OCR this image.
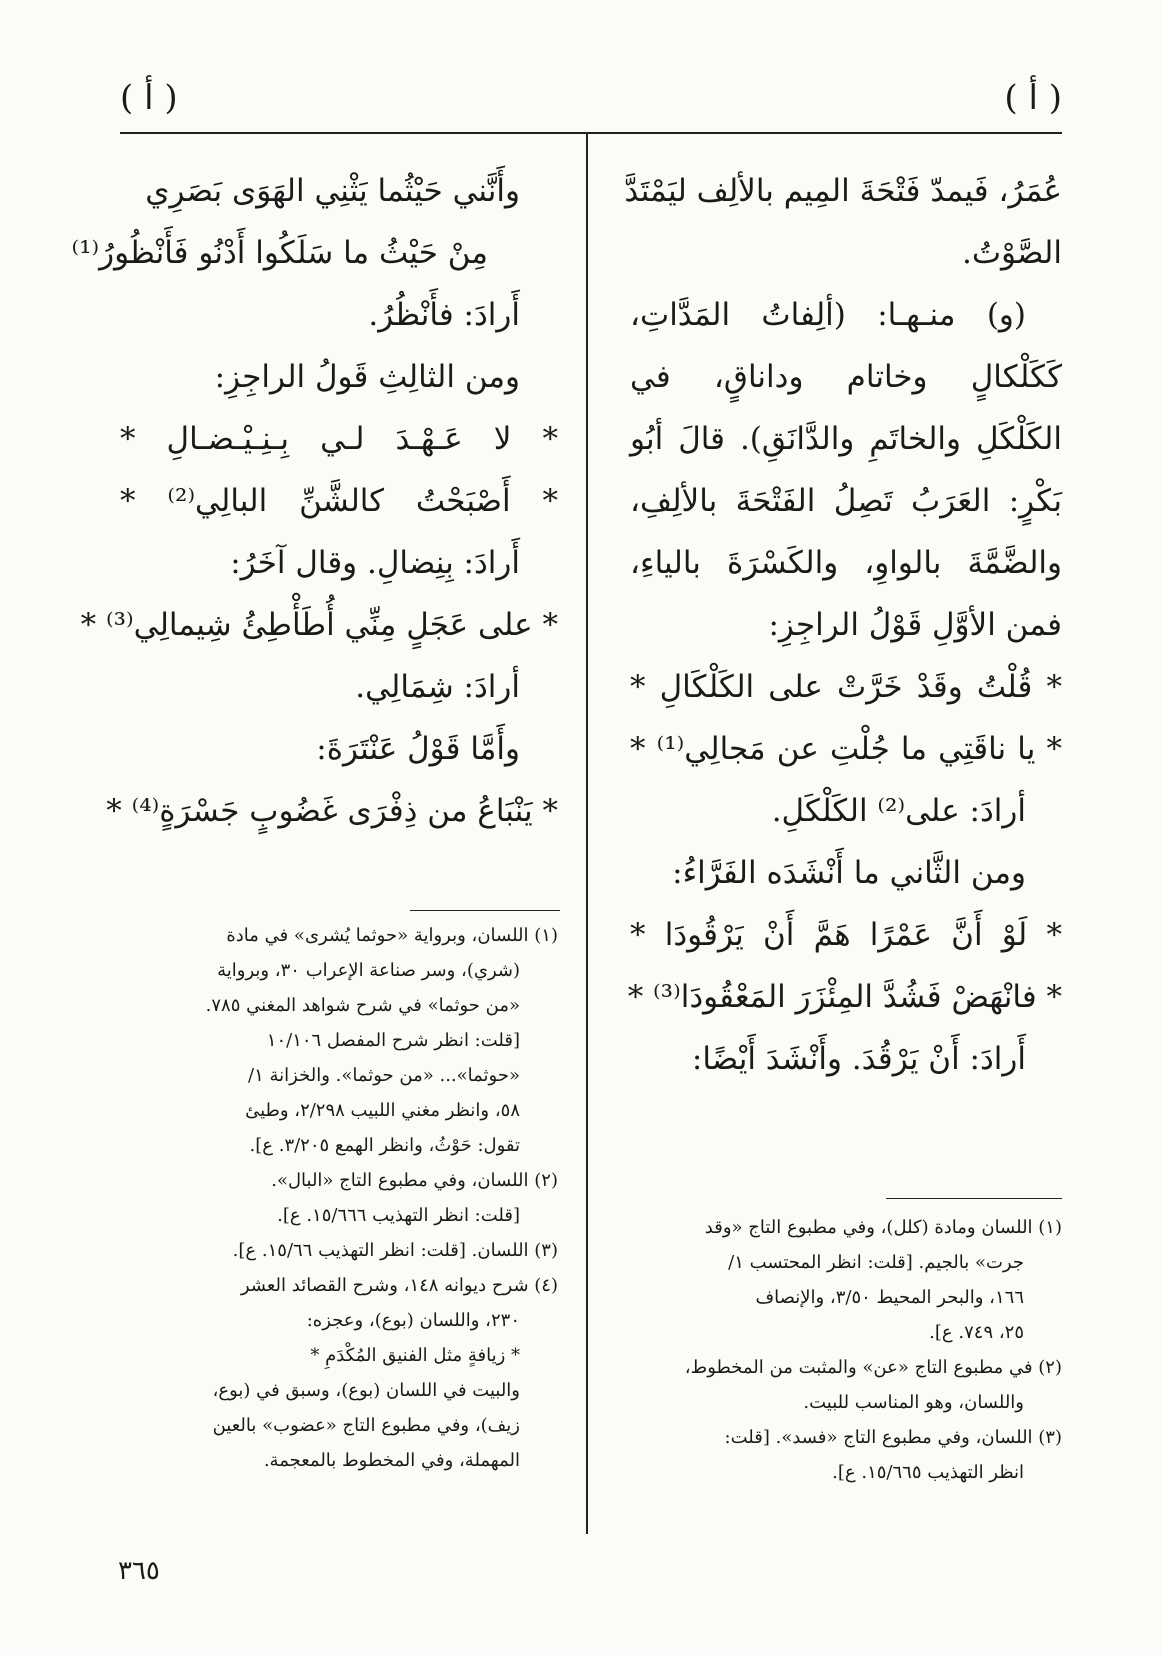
( أ )
( أ )
عُمَرُ، فَيمدّ فَتْحَةَ المِيم بالألِف ليَمْتَدَّ
الصَّوْتُ.
(و) منـهـا: (ألِفاتُ المَدَّاتِ،
كَكَلْكالٍ وخاتام وداناقٍ، في
الكَلْكَلِ والخاتَمِ والدَّانَقِ). قالَ أبُو
بَكْرٍ: العَرَبُ تَصِلُ الفَتْحَةَ بالألِفِ،
والضَّمَّةَ بالواوِ، والكَسْرَةَ بالياءِ،
فمن الأوَّلِ قَوْلُ الراجِزِ:
* قُلْتُ وقَدْ خَرَّتْ على الكَلْكَالِ *
* يا ناقَتِي ما جُلْتِ عن مَجالِي⁽¹⁾ *
أرادَ: على⁽²⁾ الكَلْكَلِ.
ومن الثَّاني ما أَنْشَدَه الفَرَّاءُ:
* لَوْ أَنَّ عَمْرًا هَمَّ أَنْ يَرْقُودَا *
* فانْهَضْ فَشُدَّ المِئْزَرَ المَعْقُودَا⁽³⁾ *
أَرادَ: أَنْ يَرْقُدَ. وأَنْشَدَ أَيْضًا:
وأَنَّني حَيْثُما يَثْنِي الهَوَى بَصَرِي
مِنْ حَيْثُ ما سَلَكُوا أَدْنُو فَأَنْظُورُ⁽¹⁾
أَرادَ: فأَنْظُرُ.
ومن الثالِثِ قَولُ الراجِزِ:
* لا عَـهْـدَ لـي بِـنِـيْـضـالِ *
* أَصْبَحْتُ كالشَّنِّ البالِي⁽²⁾ *
أَرادَ: بِنِضالِ. وقال آخَرُ:
* على عَجَلٍ مِنِّي أُطَأْطِئُ شِيمالِي⁽³⁾ *
أرادَ: شِمَالِي.
وأَمَّا قَوْلُ عَنْتَرَةَ:
* يَنْبَاعُ من ذِفْرَى غَضُوبٍ جَسْرَةٍ⁽⁴⁾ *
(١) اللسان ومادة (كلل)، وفي مطبوع التاج «وقد
جرت» بالجيم. [قلت: انظر المحتسب ١/
١٦٦، والبحر المحيط ٣/٥٠، والإنصاف
٢٥، ٧٤٩. ع].
(٢) في مطبوع التاج «عن» والمثبت من المخطوط،
واللسان، وهو المناسب للبيت.
(٣) اللسان، وفي مطبوع التاج «فسد». [قلت:
انظر التهذيب ١٥/٦٦٥. ع].
(١) اللسان، وبرواية «حوثما يُشرى» في مادة
(شري)، وسر صناعة الإعراب ٣٠، وبرواية
«من حوثما» في شرح شواهد المغني ٧٨٥.
[قلت: انظر شرح المفصل ١٠/١٠٦
«حوثما»... «من حوثما». والخزانة ١/
٥٨، وانظر مغني اللبيب ٢/٢٩٨، وطيئ
تقول: حَوْثُ، وانظر الهمع ٣/٢٠٥. ع].
(٢) اللسان، وفي مطبوع التاج «البال».
[قلت: انظر التهذيب ١٥/٦٦٦. ع].
(٣) اللسان. [قلت: انظر التهذيب ١٥/٦٦. ع].
(٤) شرح ديوانه ١٤٨، وشرح القصائد العشر
٢٣٠، واللسان (بوع)، وعجزه:
* زيافةٍ مثل الفنيق المُكْدَمِ *
والبيت في اللسان (بوع)، وسبق في (بوع،
زيف)، وفي مطبوع التاج «عضوب» بالعين
المهملة، وفي المخطوط بالمعجمة.
٣٦٥
